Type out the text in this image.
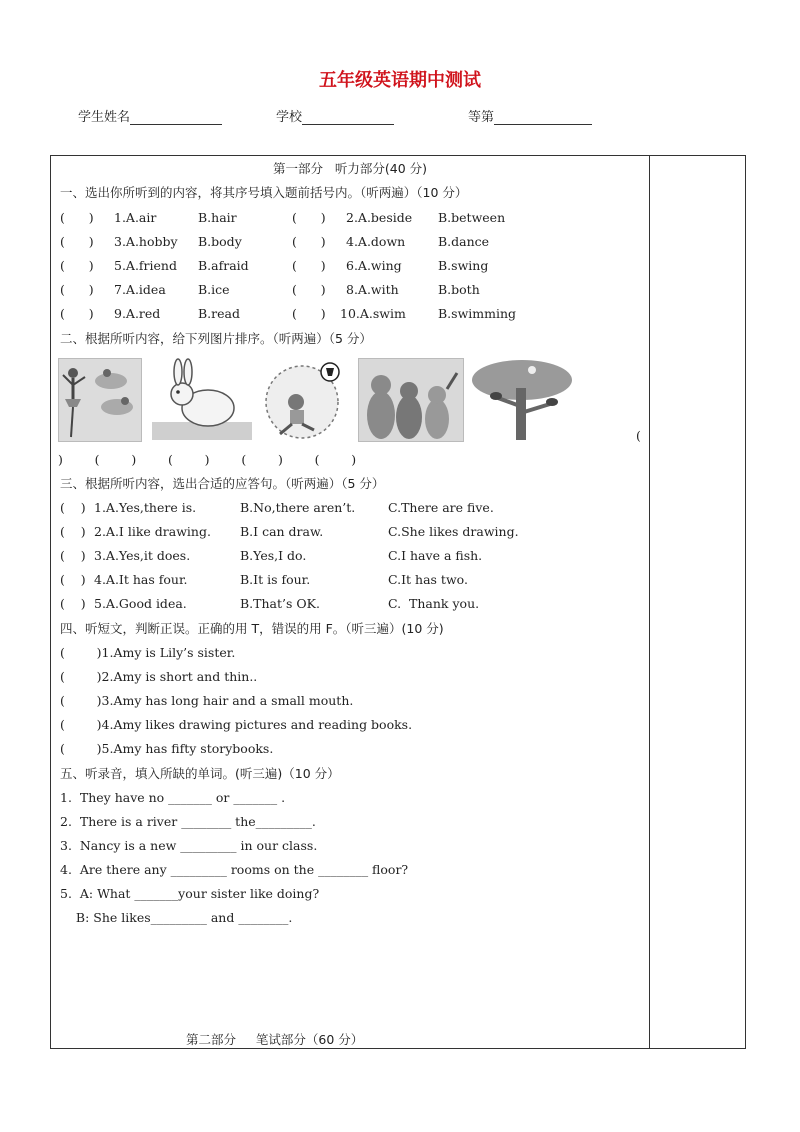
五年级英语期中测试
学生姓名	学校	等第
第一部分   听力部分(40 分)
一、选出你所听到的内容，将其序号填入题前括号内。（听两遍）（10 分）
(      ) 1.A.air	B.hair	(      ) 2.A.beside B.between
(      ) 3.A.hobby B.body	(      ) 4.A.down	B.dance
(      ) 5.A.friend B.afraid	(      ) 6.A.wing	B.swing
(      ) 7.A.idea	B.ice	(      ) 8.A.with	B.both
(      ) 9.A.red	B.read	(      ) 10.A.swim	B.swimming
二、根据所听内容，给下列图片排序。（听两遍）（5 分）
(
)        (        )        (        )        (        )        (        )
三、根据所听内容，选出合适的应答句。（听两遍）（5 分）
(    ) 1.A.Yes,there is.	B.No,there aren’t.	C.There are five.
(    ) 2.A.I like drawing. B.I can draw.	C.She likes drawing.
(    ) 3.A.Yes,it does.	B.Yes,I do.	C.I have a fish.
(    ) 4.A.It has four.	B.It is four.	C.It has two.
(    ) 5.A.Good idea.	B.That’s OK.	C.  Thank you.
四、听短文，判断正误。正确的用 T，错误的用 F。（听三遍）(10 分)
(        )1.Amy is Lily’s sister.
(        )2.Amy is short and thin..
(        )3.Amy has long hair and a small mouth.
(        )4.Amy likes drawing pictures and reading books.
(        )5.Amy has fifty storybooks.
五、听录音，填入所缺的单词。(听三遍)（10 分）
1.  They have no _______ or _______ .
2.  There is a river ________ the_________.
3.  Nancy is a new _________ in our class.
4.  Are there any _________ rooms on the ________ floor?
5.  A: What _______your sister like doing?
B: She likes_________ and ________.
第二部分     笔试部分（60 分）
